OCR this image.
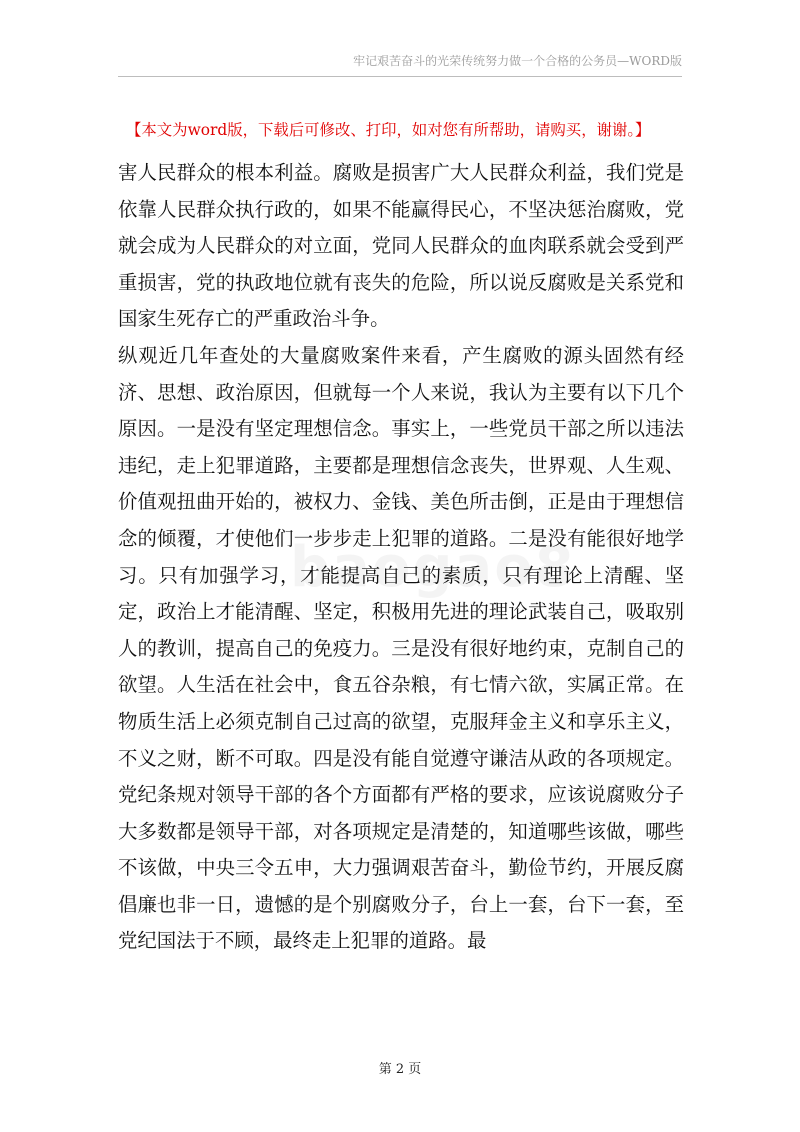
牢记艰苦奋斗的光荣传统努力做一个合格的公务员—WORD版
【本文为word版，下载后可修改、打印，如对您有所帮助，请购买，谢谢。】

害人民群众的根本利益。腐败是损害广大人民群众利益，我们党是依靠人民群众执行政的，如果不能赢得民心，不坚决惩治腐败，党就会成为人民群众的对立面，党同人民群众的血肉联系就会受到严重损害，党的执政地位就有丧失的危险，所以说反腐败是关系党和国家生死存亡的严重政治斗争。

纵观近几年查处的大量腐败案件来看，产生腐败的源头固然有经济、思想、政治原因，但就每一个人来说，我认为主要有以下几个原因。一是没有坚定理想信念。事实上，一些党员干部之所以违法违纪，走上犯罪道路，主要都是理想信念丧失，世界观、人生观、价值观扭曲开始的，被权力、金钱、美色所击倒，正是由于理想信念的倾覆，才使他们一步步走上犯罪的道路。二是没有能很好地学习。只有加强学习，才能提高自己的素质，只有理论上清醒、坚定，政治上才能清醒、坚定，积极用先进的理论武装自己，吸取别人的教训，提高自己的免疫力。三是没有很好地约束，克制自己的欲望。人生活在社会中，食五谷杂粮，有七情六欲，实属正常。在物质生活上必须克制自己过高的欲望，克服拜金主义和享乐主义，不义之财，断不可取。四是没有能自觉遵守谦洁从政的各项规定。党纪条规对领导干部的各个方面都有严格的要求，应该说腐败分子大多数都是领导干部，对各项规定是清楚的，知道哪些该做，哪些不该做，中央三令五申，大力强调艰苦奋斗，勤俭节约，开展反腐倡廉也非一日，遗憾的是个别腐败分子，台上一套，台下一套，至党纪国法于不顾，最终走上犯罪的道路。最

第 2 页
